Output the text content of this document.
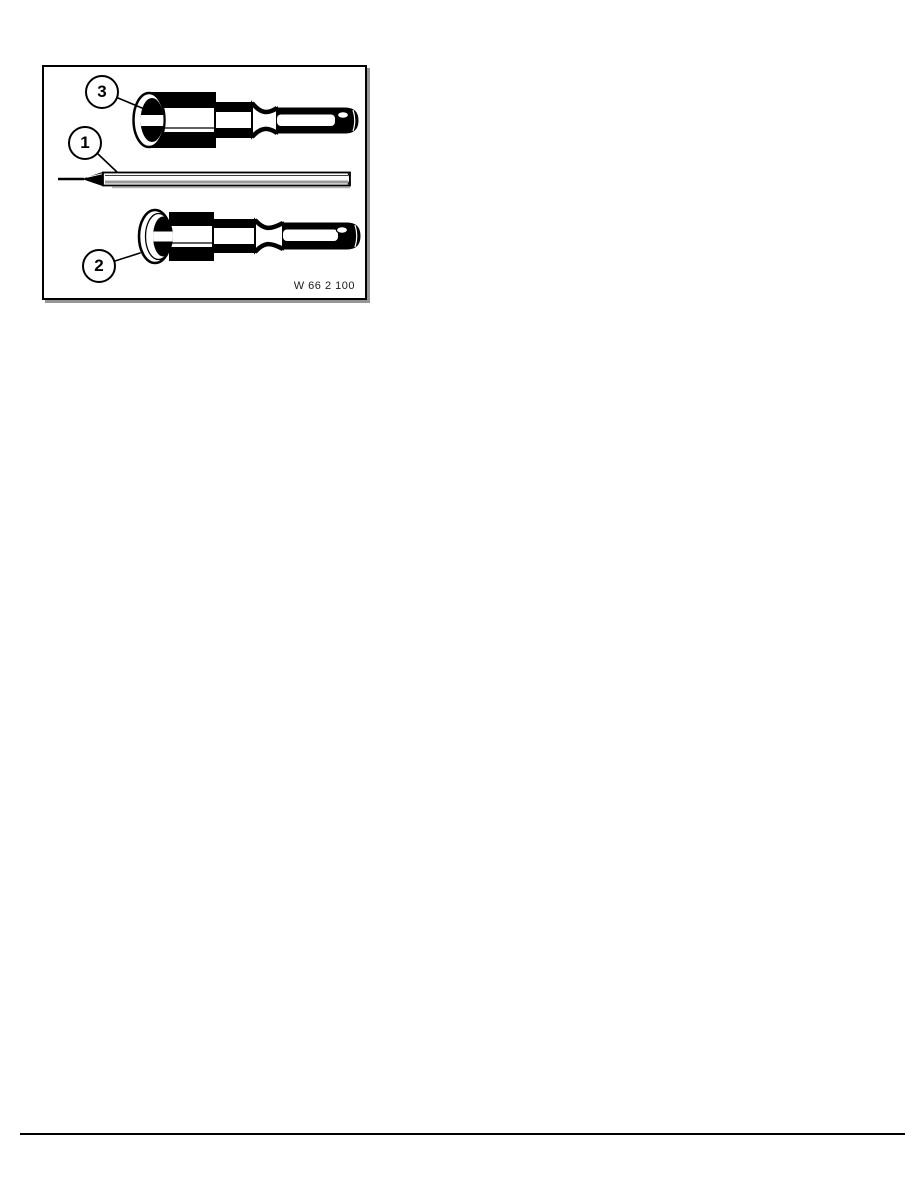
3
1
2
W 66 2 100
